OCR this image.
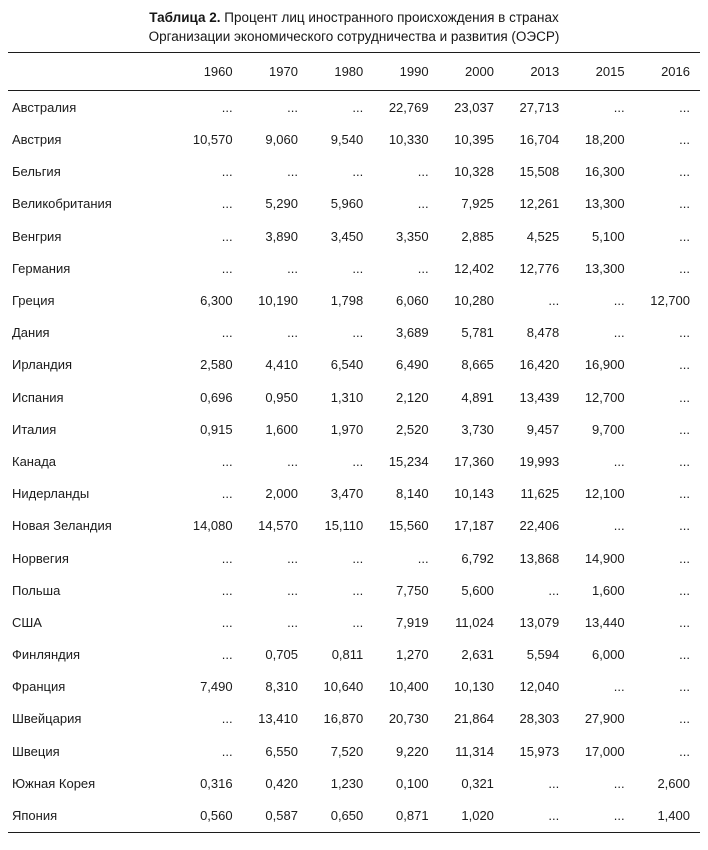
Таблица 2. Процент лиц иностранного происхождения в странах
Организации экономического сотрудничества и развития (ОЭСР)
	1960	1970	1980	1990	2000	2013	2015	2016
Австралия	...	...	...	22,769	23,037	27,713	...	...
Австрия	10,570	9,060	9,540	10,330	10,395	16,704	18,200	...
Бельгия	...	...	...	...	10,328	15,508	16,300	...
Великобритания	...	5,290	5,960	...	7,925	12,261	13,300	...
Венгрия	...	3,890	3,450	3,350	2,885	4,525	5,100	...
Германия	...	...	...	...	12,402	12,776	13,300	...
Греция	6,300	10,190	1,798	6,060	10,280	...	...	12,700
Дания	...	...	...	3,689	5,781	8,478	...	...
Ирландия	2,580	4,410	6,540	6,490	8,665	16,420	16,900	...
Испания	0,696	0,950	1,310	2,120	4,891	13,439	12,700	...
Италия	0,915	1,600	1,970	2,520	3,730	9,457	9,700	...
Канада	...	...	...	15,234	17,360	19,993	...	...
Нидерланды	...	2,000	3,470	8,140	10,143	11,625	12,100	...
Новая Зеландия	14,080	14,570	15,110	15,560	17,187	22,406	...	...
Норвегия	...	...	...	...	6,792	13,868	14,900	...
Польша	...	...	...	7,750	5,600	...	1,600	...
США	...	...	...	7,919	11,024	13,079	13,440	...
Финляндия	...	0,705	0,811	1,270	2,631	5,594	6,000	...
Франция	7,490	8,310	10,640	10,400	10,130	12,040	...	...
Швейцария	...	13,410	16,870	20,730	21,864	28,303	27,900	...
Швеция	...	6,550	7,520	9,220	11,314	15,973	17,000	...
Южная Корея	0,316	0,420	1,230	0,100	0,321	...	...	2,600
Япония	0,560	0,587	0,650	0,871	1,020	...	...	1,400
